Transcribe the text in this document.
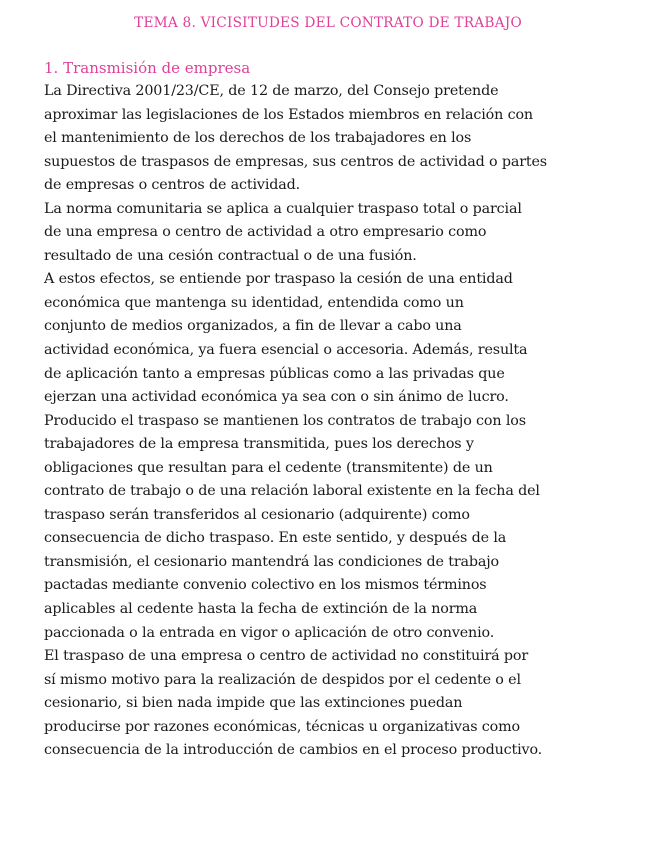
TEMA 8. VICISITUDES DEL CONTRATO DE TRABAJO
1. Transmisión de empresa
La Directiva 2001/23/CE, de 12 de marzo, del Consejo pretende
aproximar las legislaciones de los Estados miembros en relación con
el mantenimiento de los derechos de los trabajadores en los
supuestos de traspasos de empresas, sus centros de actividad o partes
de empresas o centros de actividad.
La norma comunitaria se aplica a cualquier traspaso total o parcial
de una empresa o centro de actividad a otro empresario como
resultado de una cesión contractual o de una fusión.
A estos efectos, se entiende por traspaso la cesión de una entidad
económica que mantenga su identidad, entendida como un
conjunto de medios organizados, a fin de llevar a cabo una
actividad económica, ya fuera esencial o accesoria. Además, resulta
de aplicación tanto a empresas públicas como a las privadas que
ejerzan una actividad económica ya sea con o sin ánimo de lucro.
Producido el traspaso se mantienen los contratos de trabajo con los
trabajadores de la empresa transmitida, pues los derechos y
obligaciones que resultan para el cedente (transmitente) de un
contrato de trabajo o de una relación laboral existente en la fecha del
traspaso serán transferidos al cesionario (adquirente) como
consecuencia de dicho traspaso. En este sentido, y después de la
transmisión, el cesionario mantendrá las condiciones de trabajo
pactadas mediante convenio colectivo en los mismos términos
aplicables al cedente hasta la fecha de extinción de la norma
paccionada o la entrada en vigor o aplicación de otro convenio.
El traspaso de una empresa o centro de actividad no constituirá por
sí mismo motivo para la realización de despidos por el cedente o el
cesionario, si bien nada impide que las extinciones puedan
producirse por razones económicas, técnicas u organizativas como
consecuencia de la introducción de cambios en el proceso productivo.
